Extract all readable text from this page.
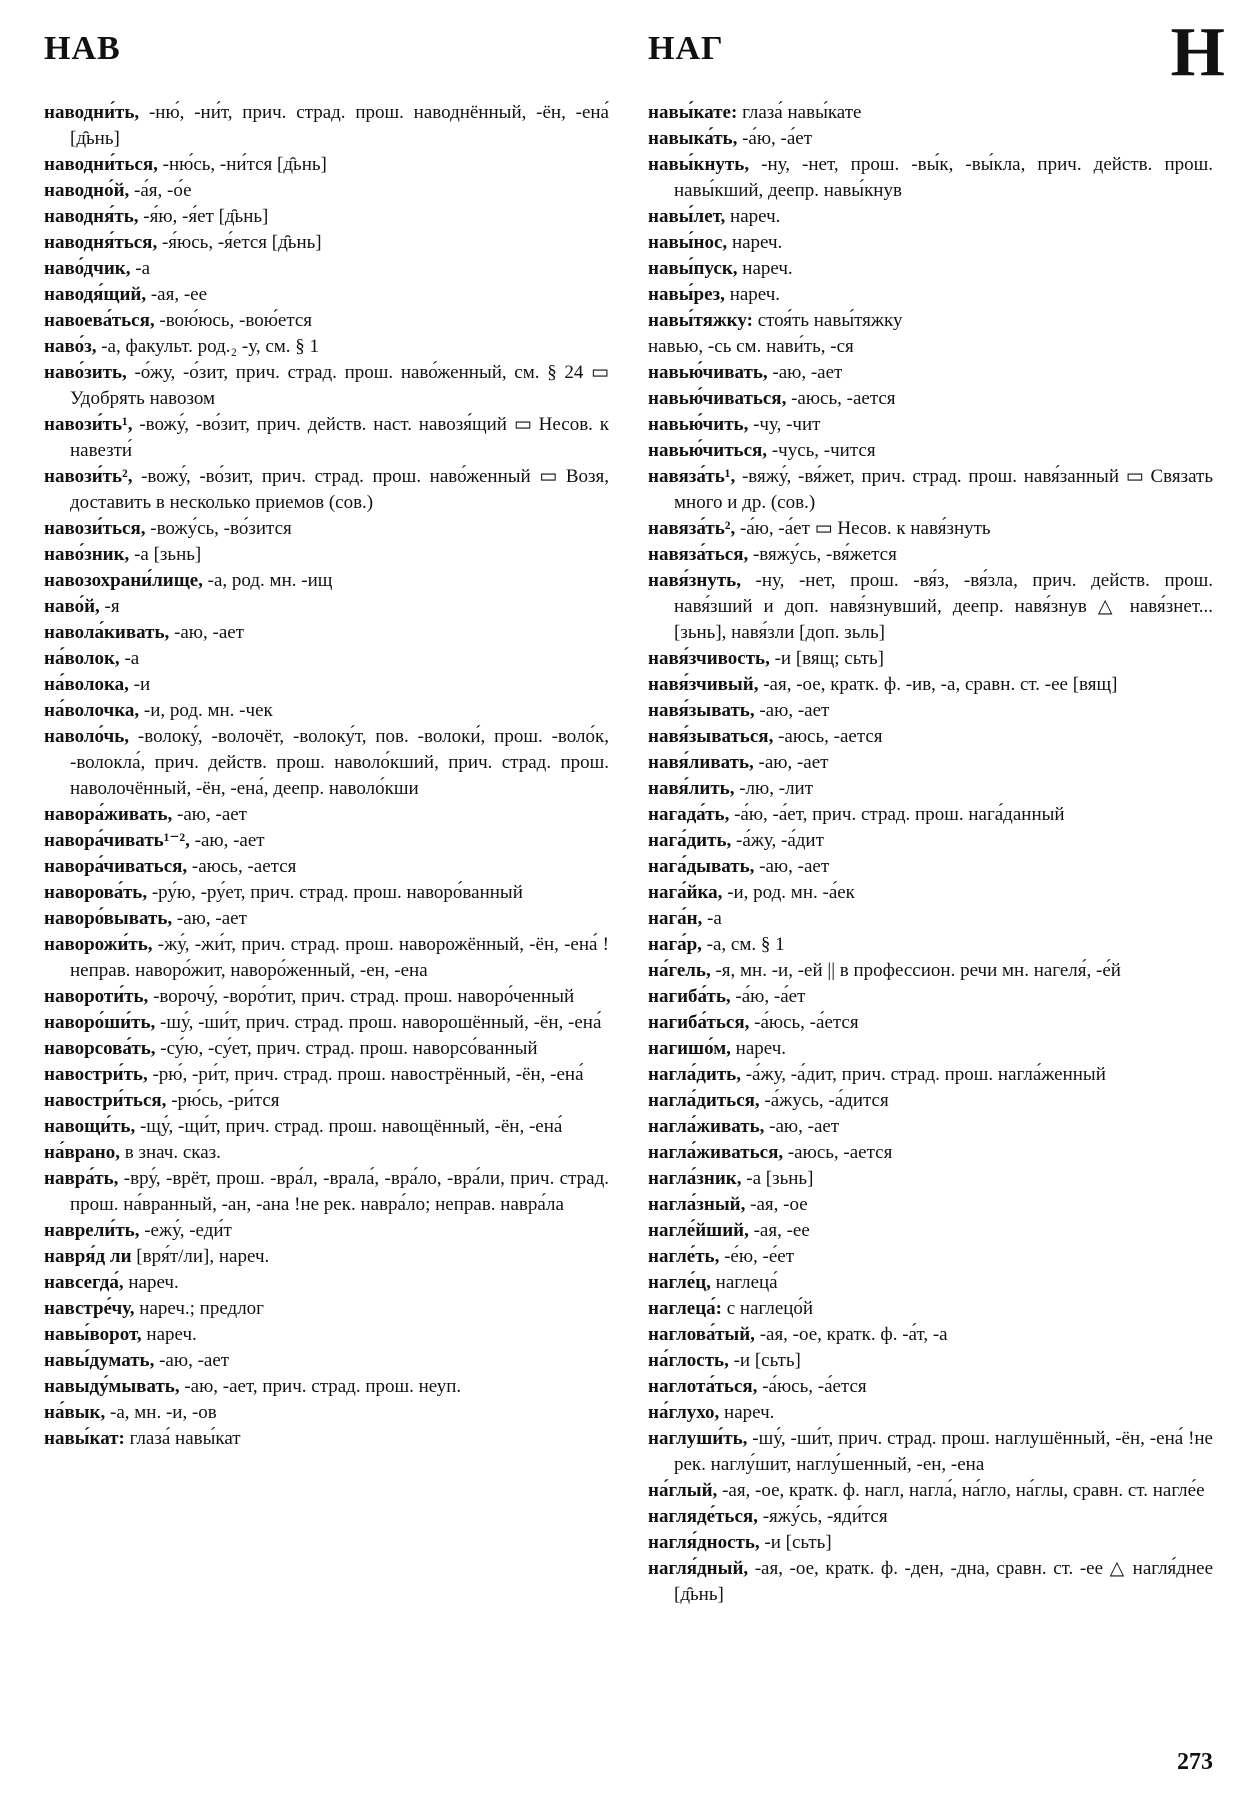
НАВ	НАГ	Н
наводни́ть, -ню́, -ни́т, прич. страд. прош. наводнённый, -ён, -ена́ [д̑ьнь]
наводни́ться, -ню́сь, -ни́тся [д̑ьнь]
наводно́й, -а́я, -о́е
наводня́ть, -я́ю, -я́ет [д̑ьнь]
наводня́ться, -я́юсь, -я́ется [д̑ьнь]
наво́дчик, -а
наводя́щий, -ая, -ее
навоева́ться, -вою́юсь, -вою́ется
наво́з, -а, факульт. род.₂ -у, см. § 1
наво́зить, -о́жу, -о́зит, прич. страд. прош. наво́женный, см. § 24 ▭ Удобрять навозом
навози́ть¹, -вожу́, -во́зит, прич. действ. наст. навозя́щий ▭ Несов. к навезти́
навози́ть², -вожу́, -во́зит, прич. страд. прош. наво́женный ▭ Возя, доставить в несколько приемов (сов.)
навози́ться, -вожу́сь, -во́зится
наво́зник, -а [зьнь]
навозохрани́лище, -а, род. мн. -ищ
наво́й, -я
навола́кивать, -аю, -ает
на́волок, -а
на́волока, -и
на́волочка, -и, род. мн. -чек
наволо́чь, -волоку́, -волочёт, -волоку́т, пов. -волоки́, прош. -воло́к, -волокла́, прич. действ. прош. наволо́кший, прич. страд. прош. наволочённый, -ён, -ена́, деепр. наволо́кши
навора́живать, -аю, -ает
навора́чивать¹⁻², -аю, -ает
навора́чиваться, -аюсь, -ается
наворова́ть, -ру́ю, -ру́ет, прич. страд. прош. наворо́ванный
наворо́вывать, -аю, -ает
наворожи́ть, -жу́, -жи́т, прич. страд. прош. наворожённый, -ён, -ена́ !неправ. наворо́жит, наворо́женный, -ен, -ена
навороти́ть, -ворочу́, -воро́тит, прич. страд. прош. наворо́ченный
наворо́ши́ть, -шу́, -ши́т, прич. страд. прош. наворошённый, -ён, -ена́
наворсова́ть, -су́ю, -су́ет, прич. страд. прош. наворсо́ванный
навостри́ть, -рю́, -ри́т, прич. страд. прош. навострённый, -ён, -ена́
навостри́ться, -рю́сь, -ри́тся
навощи́ть, -щу́, -щи́т, прич. страд. прош. навощённый, -ён, -ена́
на́врано, в знач. сказ.
навра́ть, -вру́, -врёт, прош. -вра́л, -врала́, -вра́ло, -вра́ли, прич. страд. прош. на́вранный, -ан, -ана !не рек. навра́ло; неправ. навра́ла
наврели́ть, -ежу́, -еди́т
навря́д ли [вря́т/ли], нареч.
навсегда́, нареч.
навстре́чу, нареч.; предлог
навы́ворот, нареч.
навы́думать, -аю, -ает
навыду́мывать, -аю, -ает, прич. страд. прош. неуп.
на́вык, -а, мн. -и, -ов
навы́кат: глаза́ навы́кат
навы́кате: глаза́ навы́кате
навыка́ть, -а́ю, -а́ет
навы́кнуть, -ну, -нет, прош. -вы́к, -вы́кла, прич. действ. прош. навы́кший, деепр. навы́кнув
навы́лет, нареч.
навы́нос, нареч.
навы́пуск, нареч.
навы́рез, нареч.
навы́тяжку: стоя́ть навы́тяжку
навью, -сь см. нави́ть, -ся
навью́чивать, -аю, -ает
навью́чиваться, -аюсь, -ается
навью́чить, -чу, -чит
навью́читься, -чусь, -чится
навяза́ть¹, -вяжу́, -вя́жет, прич. страд. прош. навя́занный ▭ Связать много и др. (сов.)
навяза́ть², -а́ю, -а́ет ▭ Несов. к навя́знуть
навяза́ться, -вяжу́сь, -вя́жется
навя́знуть, -ну, -нет, прош. -вя́з, -вя́зла, прич. действ. прош. навя́зший и доп. навя́знувший, деепр. навя́знув △ навя́знет... [зьнь], навя́зли [доп. зьль]
навя́зчивость, -и [вящ; сьть]
навя́зчивый, -ая, -ое, кратк. ф. -ив, -а, сравн. ст. -ее [вящ]
навя́зывать, -аю, -ает
навя́зываться, -аюсь, -ается
навя́ливать, -аю, -ает
навя́лить, -лю, -лит
нагада́ть, -а́ю, -а́ет, прич. страд. прош. нага́данный
нага́дить, -а́жу, -а́дит
нага́дывать, -аю, -ает
нага́йка, -и, род. мн. -а́ек
нага́н, -а
нага́р, -а, см. § 1
на́гель, -я, мн. -и, -ей || в профессион. речи мн. нагеля́, -е́й
нагиба́ть, -а́ю, -а́ет
нагиба́ться, -а́юсь, -а́ется
нагишо́м, нареч.
нагла́дить, -а́жу, -а́дит, прич. страд. прош. нагла́женный
нагла́диться, -а́жусь, -а́дится
нагла́живать, -аю, -ает
нагла́живаться, -аюсь, -ается
нагла́зник, -а [зьнь]
нагла́зный, -ая, -ое
нагле́йший, -ая, -ее
нагле́ть, -е́ю, -е́ет
нагле́ц, наглеца́
наглеца́: с наглецо́й
наглова́тый, -ая, -ое, кратк. ф. -а́т, -а
на́глость, -и [сьть]
наглота́ться, -а́юсь, -а́ется
на́глухо, нареч.
наглуши́ть, -шу́, -ши́т, прич. страд. прош. наглушённый, -ён, -ена́ !не рек. наглу́шит, наглу́шенный, -ен, -ена
на́глый, -ая, -ое, кратк. ф. нагл, нагла́, на́гло, на́глы, сравн. ст. нагле́е
нагляде́ться, -яжу́сь, -яди́тся
нагля́дность, -и [сьть]
нагля́дный, -ая, -ое, кратк. ф. -ден, -дна, сравн. ст. -ее △ нагля́днее [д̑ьнь]
273
